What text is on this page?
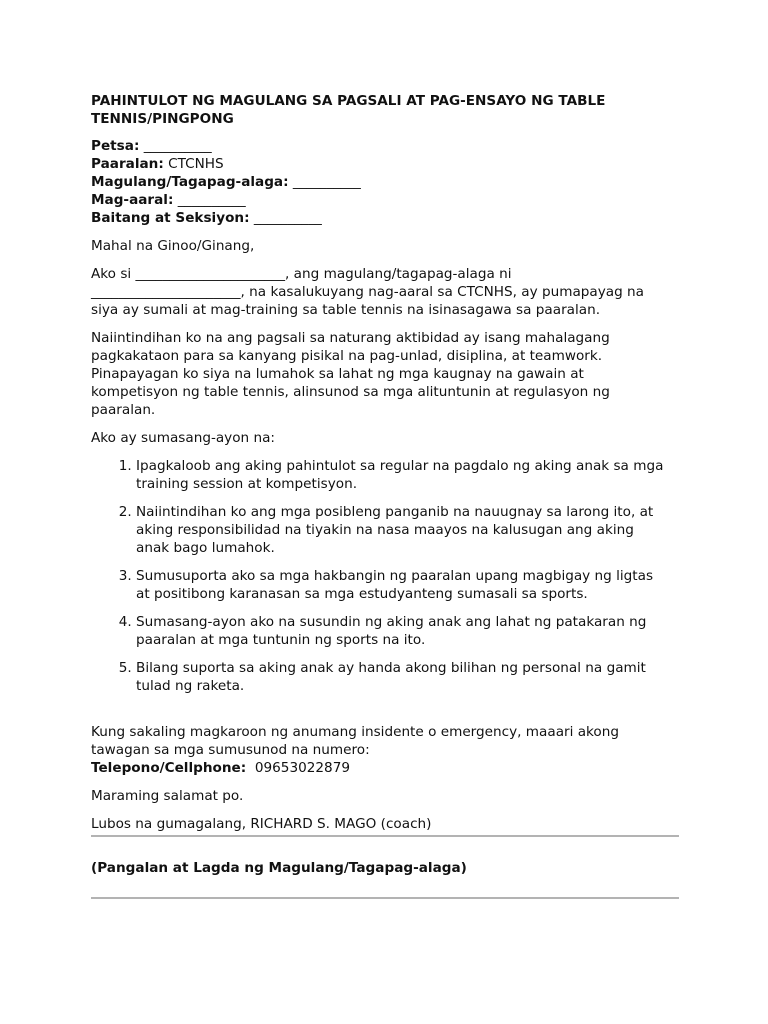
PAHINTULOT NG MAGULANG SA PAGSALI AT PAG-ENSAYO NG TABLE
TENNIS/PINGPONG
Petsa: __________
Paaralan: CTCNHS
Magulang/Tagapag-alaga: __________
Mag-aaral: __________
Baitang at Seksiyon: __________

Mahal na Ginoo/Ginang,

Ako si ______________________, ang magulang/tagapag-alaga ni
______________________, na kasalukuyang nag-aaral sa CTCNHS, ay pumapayag na
siya ay sumali at mag-training sa table tennis na isinasagawa sa paaralan.

Naiintindihan ko na ang pagsali sa naturang aktibidad ay isang mahalagang
pagkakataon para sa kanyang pisikal na pag-unlad, disiplina, at teamwork.
Pinapayagan ko siya na lumahok sa lahat ng mga kaugnay na gawain at
kompetisyon ng table tennis, alinsunod sa mga alituntunin at regulasyon ng
paaralan.

Ako ay sumasang-ayon na:

1. Ipagkaloob ang aking pahintulot sa regular na pagdalo ng aking anak sa mga
training session at kompetisyon.
2. Naiintindihan ko ang mga posibleng panganib na nauugnay sa larong ito, at
aking responsibilidad na tiyakin na nasa maayos na kalusugan ang aking
anak bago lumahok.
3. Sumusuporta ako sa mga hakbangin ng paaralan upang magbigay ng ligtas
at positibong karanasan sa mga estudyanteng sumasali sa sports.
4. Sumasang-ayon ako na susundin ng aking anak ang lahat ng patakaran ng
paaralan at mga tuntunin ng sports na ito.
5. Bilang suporta sa aking anak ay handa akong bilihan ng personal na gamit
tulad ng raketa.

Kung sakaling magkaroon ng anumang insidente o emergency, maaari akong
tawagan sa mga sumusunod na numero:
Telepono/Cellphone:  09653022879

Maraming salamat po.

Lubos na gumagalang, RICHARD S. MAGO (coach)

(Pangalan at Lagda ng Magulang/Tagapag-alaga)
